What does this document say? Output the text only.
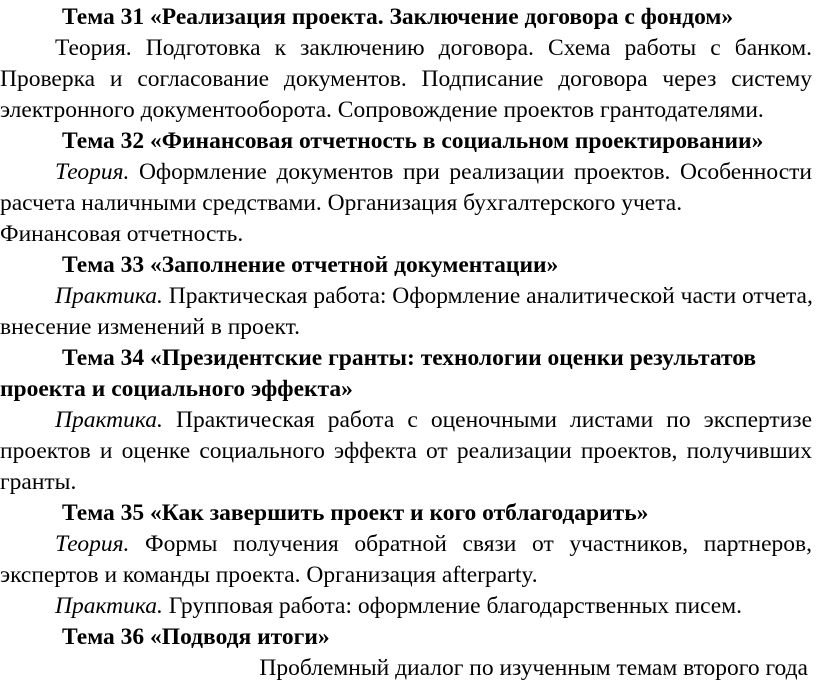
Тема 31 «Реализация проекта. Заключение договора с фондом»
Теория. Подготовка к заключению договора. Схема работы с банком.
Проверка и согласование документов. Подписание договора через систему
электронного документооборота. Сопровождение проектов грантодателями.
Тема 32 «Финансовая отчетность в социальном проектировании»
Теория. Оформление документов при реализации проектов. Особенности
расчета наличными средствами. Организация бухгалтерского учета.
Финансовая отчетность.
Тема 33 «Заполнение отчетной документации»
Практика. Практическая работа: Оформление аналитической части отчета,
внесение изменений в проект.
Тема 34 «Президентские гранты: технологии оценки результатов
проекта и социального эффекта»
Практика. Практическая работа с оценочными листами по экспертизе
проектов и оценке социального эффекта от реализации проектов, получивших
гранты.
Тема 35 «Как завершить проект и кого отблагодарить»
Теория. Формы получения обратной связи от участников, партнеров,
экспертов и команды проекта. Организация afterparty.
Практика. Групповая работа: оформление благодарственных писем.
Тема 36 «Подводя итоги»
Проблемный диалог по изученным темам второго года
